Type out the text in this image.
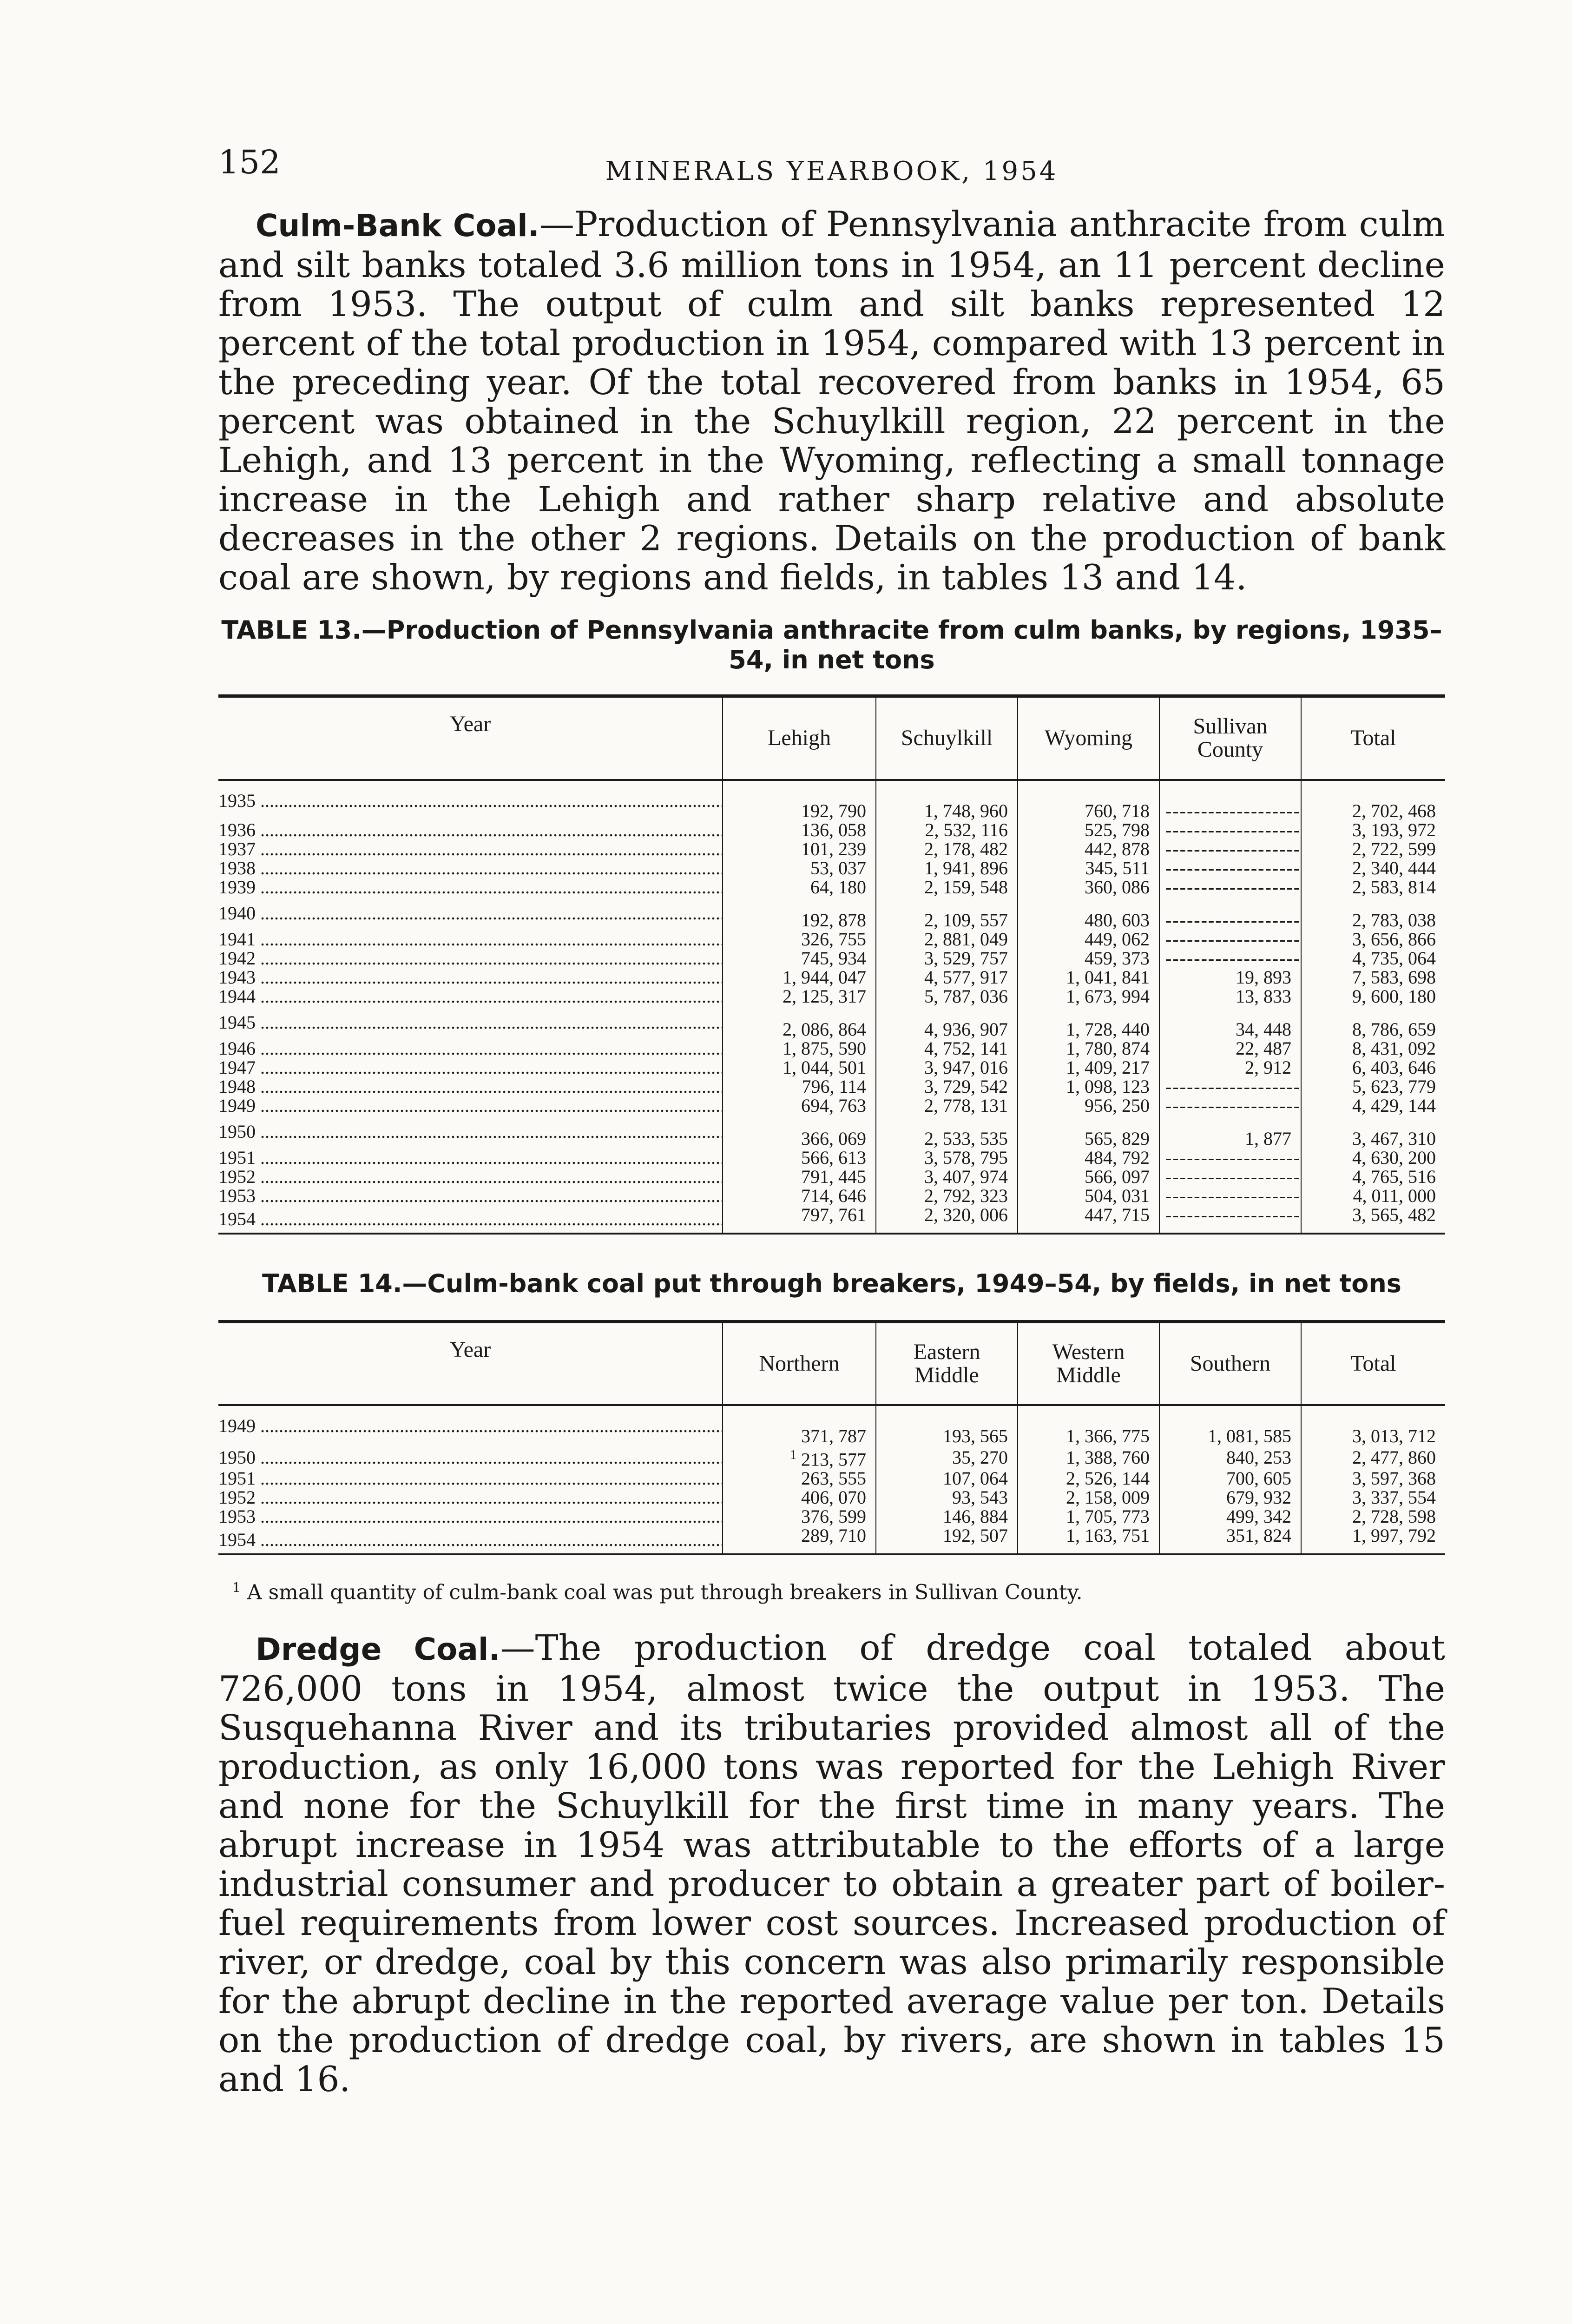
152	MINERALS YEARBOOK, 1954

Culm-Bank Coal.—Production of Pennsylvania anthracite from culm and silt banks totaled 3.6 million tons in 1954, an 11 percent decline from 1953. The output of culm and silt banks represented 12 percent of the total production in 1954, compared with 13 percent in the preceding year. Of the total recovered from banks in 1954, 65 percent was obtained in the Schuylkill region, 22 percent in the Lehigh, and 13 percent in the Wyoming, reflecting a small tonnage increase in the Lehigh and rather sharp relative and absolute decreases in the other 2 regions. Details on the production of bank coal are shown, by regions and fields, in tables 13 and 14.

TABLE 13.—Production of Pennsylvania anthracite from culm banks, by regions, 1935–54, in net tons

Year	Lehigh	Schuylkill	Wyoming	Sullivan County	Total
1935 .....	192, 790	1, 748, 960	760, 718	-----	2, 702, 468
1936 .....	136, 058	2, 532, 116	525, 798	-----	3, 193, 972
1937 .....	101, 239	2, 178, 482	442, 878	-----	2, 722, 599
1938 .....	53, 037	1, 941, 896	345, 511	-----	2, 340, 444
1939 .....	64, 180	2, 159, 548	360, 086	-----	2, 583, 814
1940 .....	192, 878	2, 109, 557	480, 603	-----	2, 783, 038
1941 .....	326, 755	2, 881, 049	449, 062	-----	3, 656, 866
1942 .....	745, 934	3, 529, 757	459, 373	-----	4, 735, 064
1943 .....	1, 944, 047	4, 577, 917	1, 041, 841	19, 893	7, 583, 698
1944 .....	2, 125, 317	5, 787, 036	1, 673, 994	13, 833	9, 600, 180
1945 .....	2, 086, 864	4, 936, 907	1, 728, 440	34, 448	8, 786, 659
1946 .....	1, 875, 590	4, 752, 141	1, 780, 874	22, 487	8, 431, 092
1947 .....	1, 044, 501	3, 947, 016	1, 409, 217	2, 912	6, 403, 646
1948 .....	796, 114	3, 729, 542	1, 098, 123	-----	5, 623, 779
1949 .....	694, 763	2, 778, 131	956, 250	-----	4, 429, 144
1950 .....	366, 069	2, 533, 535	565, 829	1, 877	3, 467, 310
1951 .....	566, 613	3, 578, 795	484, 792	-----	4, 630, 200
1952 .....	791, 445	3, 407, 974	566, 097	-----	4, 765, 516
1953 .....	714, 646	2, 792, 323	504, 031	-----	4, 011, 000
1954 .....	797, 761	2, 320, 006	447, 715	-----	3, 565, 482

TABLE 14.—Culm-bank coal put through breakers, 1949–54, by fields, in net tons

Year	Northern	Eastern Middle	Western Middle	Southern	Total
1949 .....	371, 787	193, 565	1, 366, 775	1, 081, 585	3, 013, 712
1950 .....	$^1$ 213, 577	35, 270	1, 388, 760	840, 253	2, 477, 860
1951 .....	263, 555	107, 064	2, 526, 144	700, 605	3, 597, 368
1952 .....	406, 070	93, 543	2, 158, 009	679, 932	3, 337, 554
1953 .....	376, 599	146, 884	1, 705, 773	499, 342	2, 728, 598
1954 .....	289, 710	192, 507	1, 163, 751	351, 824	1, 997, 792

$^1$ A small quantity of culm-bank coal was put through breakers in Sullivan County.

Dredge Coal.—The production of dredge coal totaled about 726,000 tons in 1954, almost twice the output in 1953. The Susquehanna River and its tributaries provided almost all of the production, as only 16,000 tons was reported for the Lehigh River and none for the Schuylkill for the first time in many years. The abrupt increase in 1954 was attributable to the efforts of a large industrial consumer and producer to obtain a greater part of boiler-fuel requirements from lower cost sources. Increased production of river, or dredge, coal by this concern was also primarily responsible for the abrupt decline in the reported average value per ton. Details on the production of dredge coal, by rivers, are shown in tables 15 and 16.
